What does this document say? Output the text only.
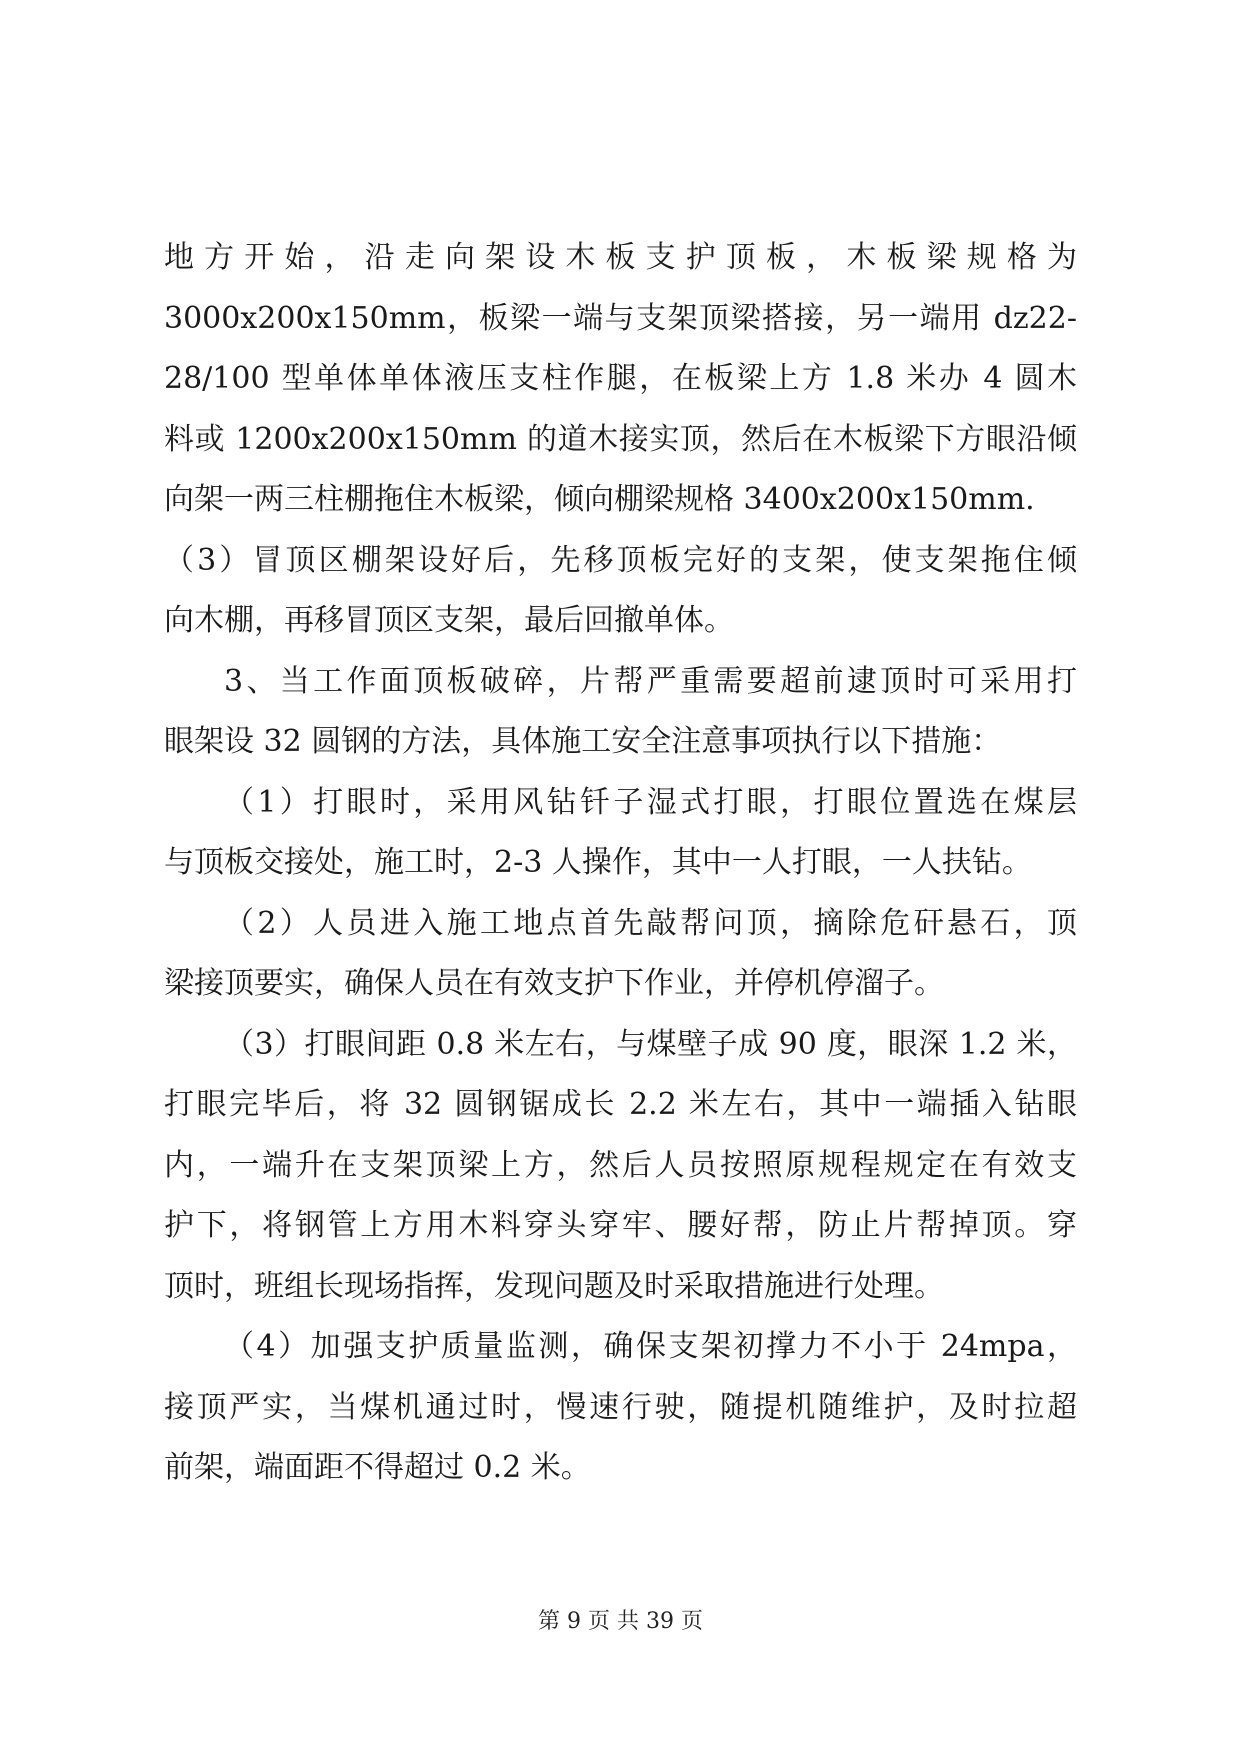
地方开始，沿走向架设木板支护顶板，木板梁规格为
3000x200x150mm，板梁一端与支架顶梁搭接，另一端用 dz22-
28/100 型单体单体液压支柱作腿，在板梁上方 1.8 米办 4 圆木
料或 1200x200x150mm 的道木接实顶，然后在木板梁下方眼沿倾
向架一两三柱棚拖住木板梁，倾向棚梁规格 3400x200x150mm.
（3）冒顶区棚架设好后，先移顶板完好的支架，使支架拖住倾
向木棚，再移冒顶区支架，最后回撤单体。
3、当工作面顶板破碎，片帮严重需要超前逮顶时可采用打
眼架设 32 圆钢的方法，具体施工安全注意事项执行以下措施：
（1）打眼时，采用风钻钎子湿式打眼，打眼位置选在煤层
与顶板交接处，施工时，2-3 人操作，其中一人打眼，一人扶钻。
（2）人员进入施工地点首先敲帮问顶，摘除危矸悬石，顶
梁接顶要实，确保人员在有效支护下作业，并停机停溜子。
（3）打眼间距 0.8 米左右，与煤壁子成 90 度，眼深 1.2 米，
打眼完毕后，将 32 圆钢锯成长 2.2 米左右，其中一端插入钻眼
内，一端升在支架顶梁上方，然后人员按照原规程规定在有效支
护下，将钢管上方用木料穿头穿牢、腰好帮，防止片帮掉顶。穿
顶时，班组长现场指挥，发现问题及时采取措施进行处理。
（4）加强支护质量监测，确保支架初撑力不小于 24mpa，
接顶严实，当煤机通过时，慢速行驶，随提机随维护，及时拉超
前架，端面距不得超过 0.2 米。
第 9 页 共 39 页
